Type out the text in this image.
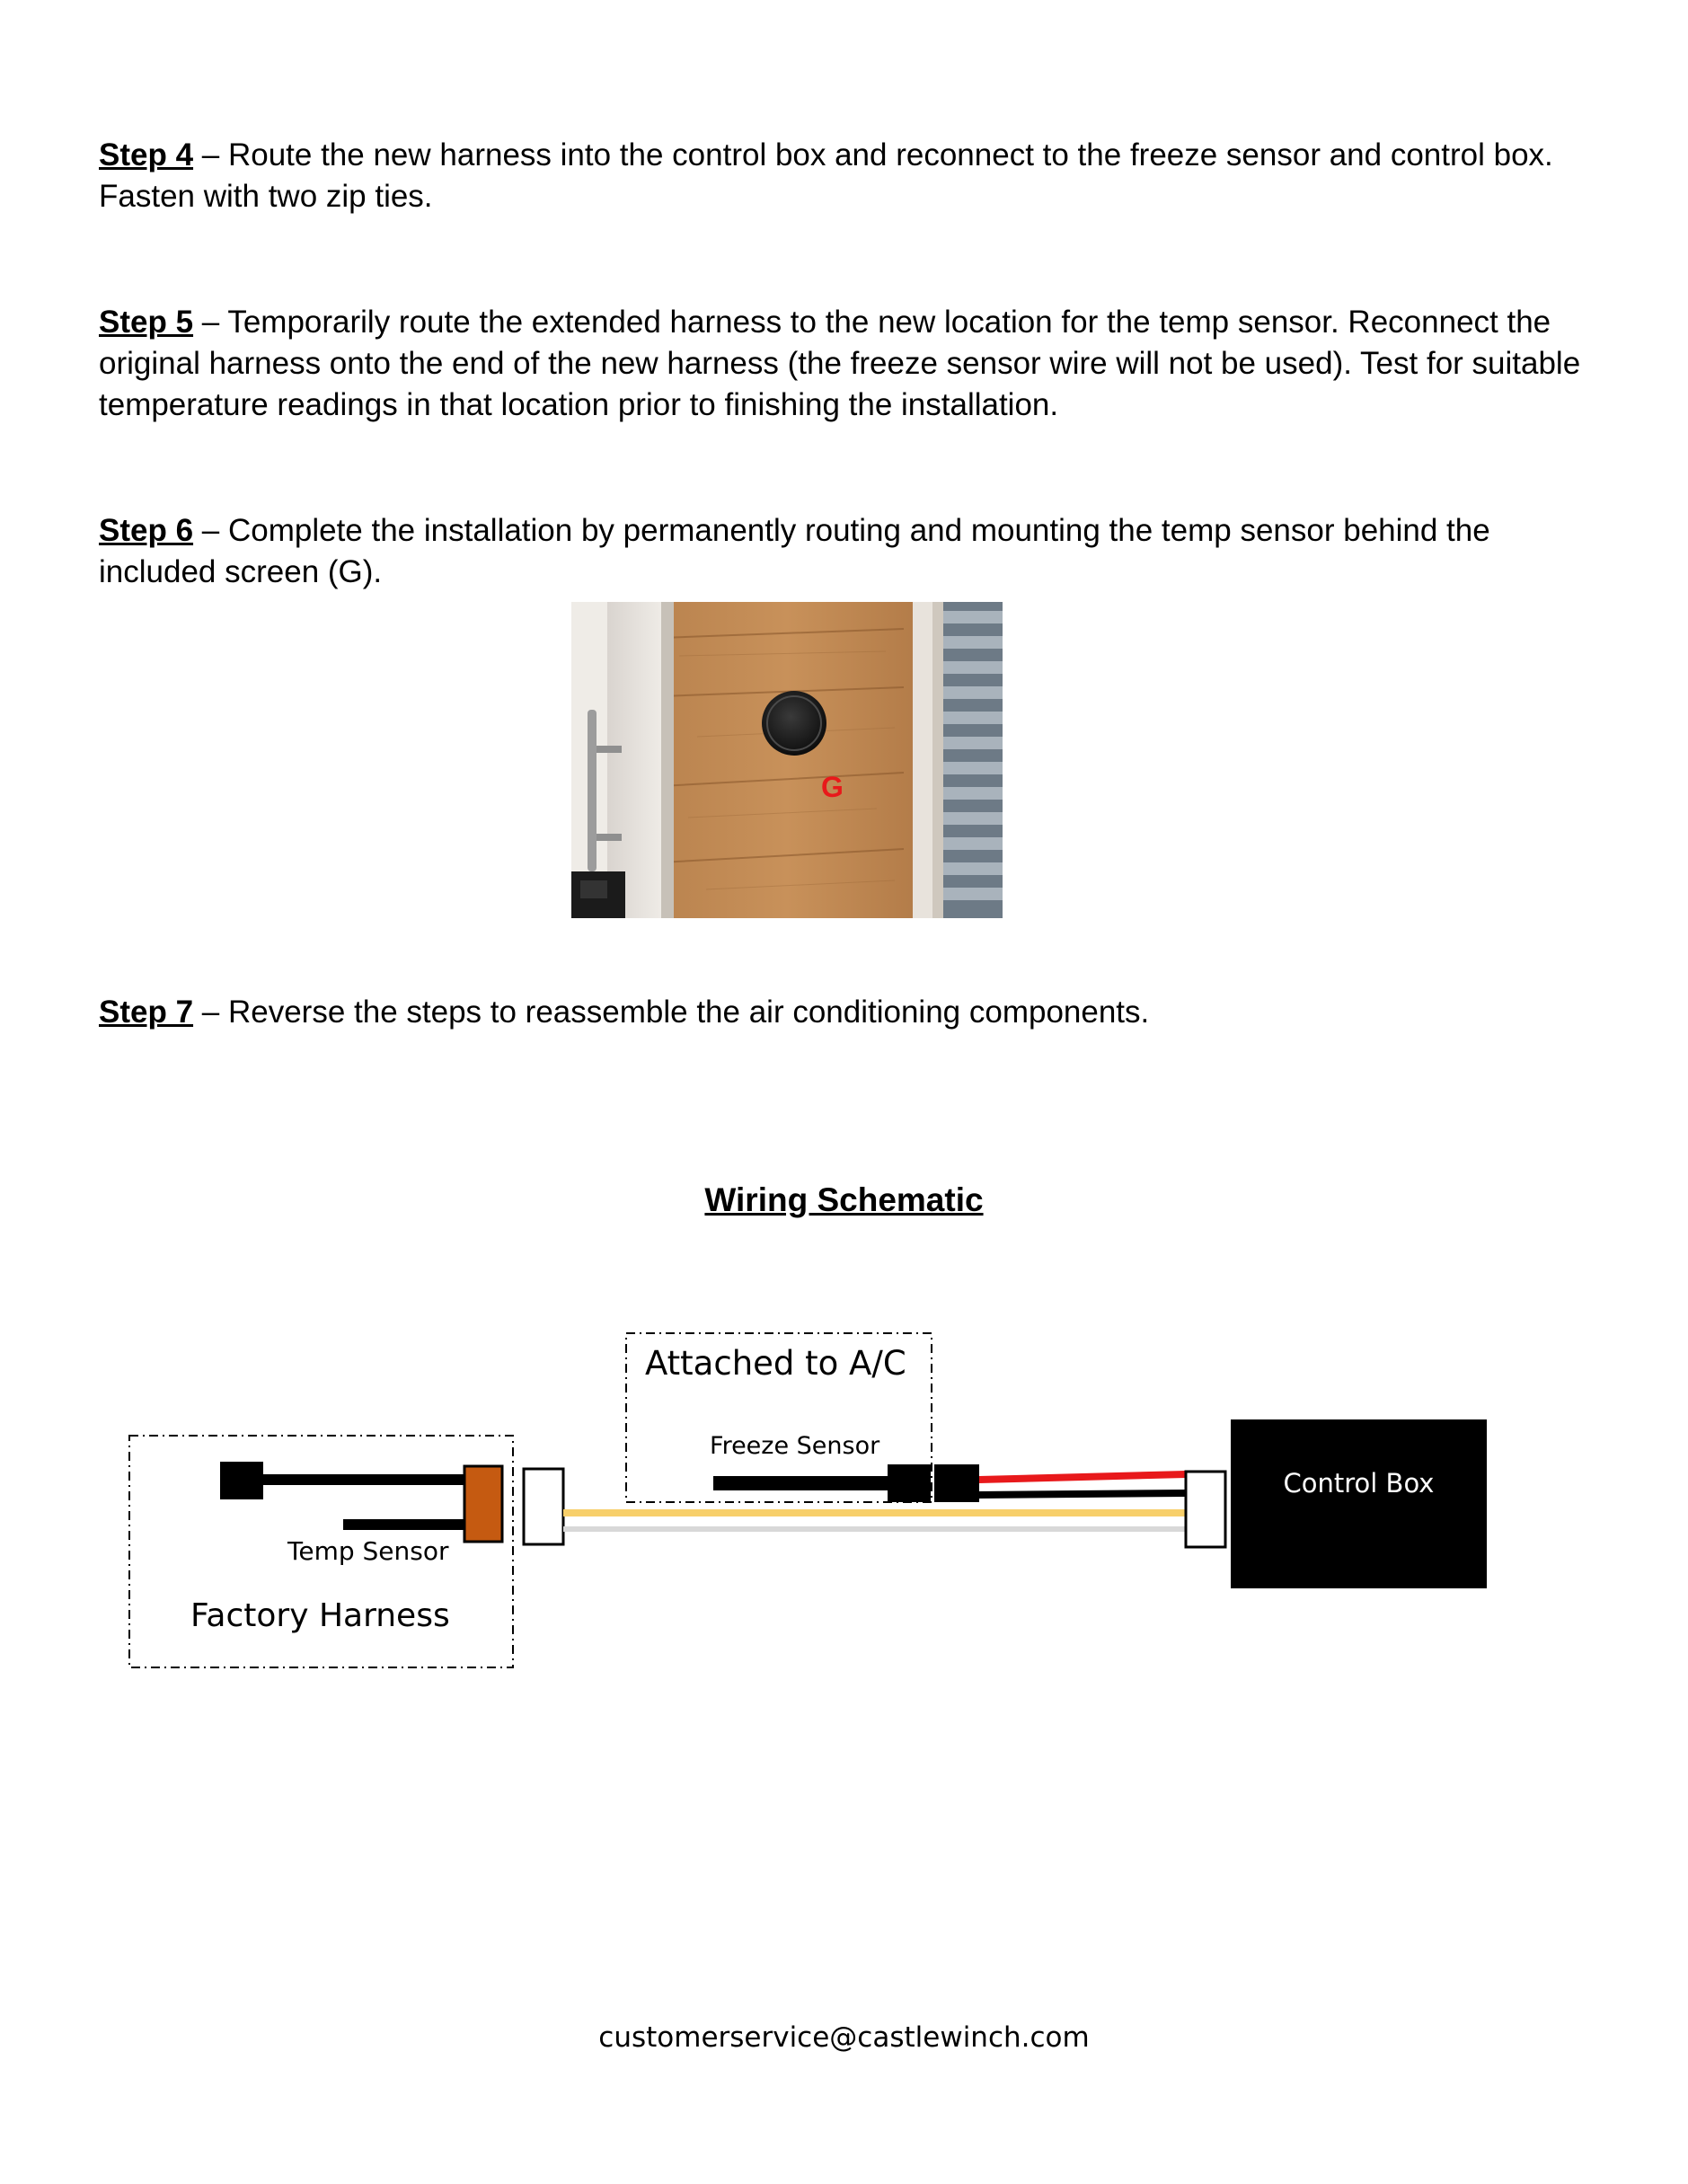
Step 4 – Route the new harness into the control box and reconnect to the freeze sensor and control box. Fasten with two zip ties.
Step 5 – Temporarily route the extended harness to the new location for the temp sensor. Reconnect the original harness onto the end of the new harness (the freeze sensor wire will not be used). Test for suitable temperature readings in that location prior to finishing the installation.
Step 6 – Complete the installation by permanently routing and mounting the temp sensor behind the included screen (G).
G
Step 7 – Reverse the steps to reassemble the air conditioning components.
Wiring Schematic
Attached to A/C
Freeze Sensor
Temp Sensor
Factory Harness
Control Box
customerservice@castlewinch.com
